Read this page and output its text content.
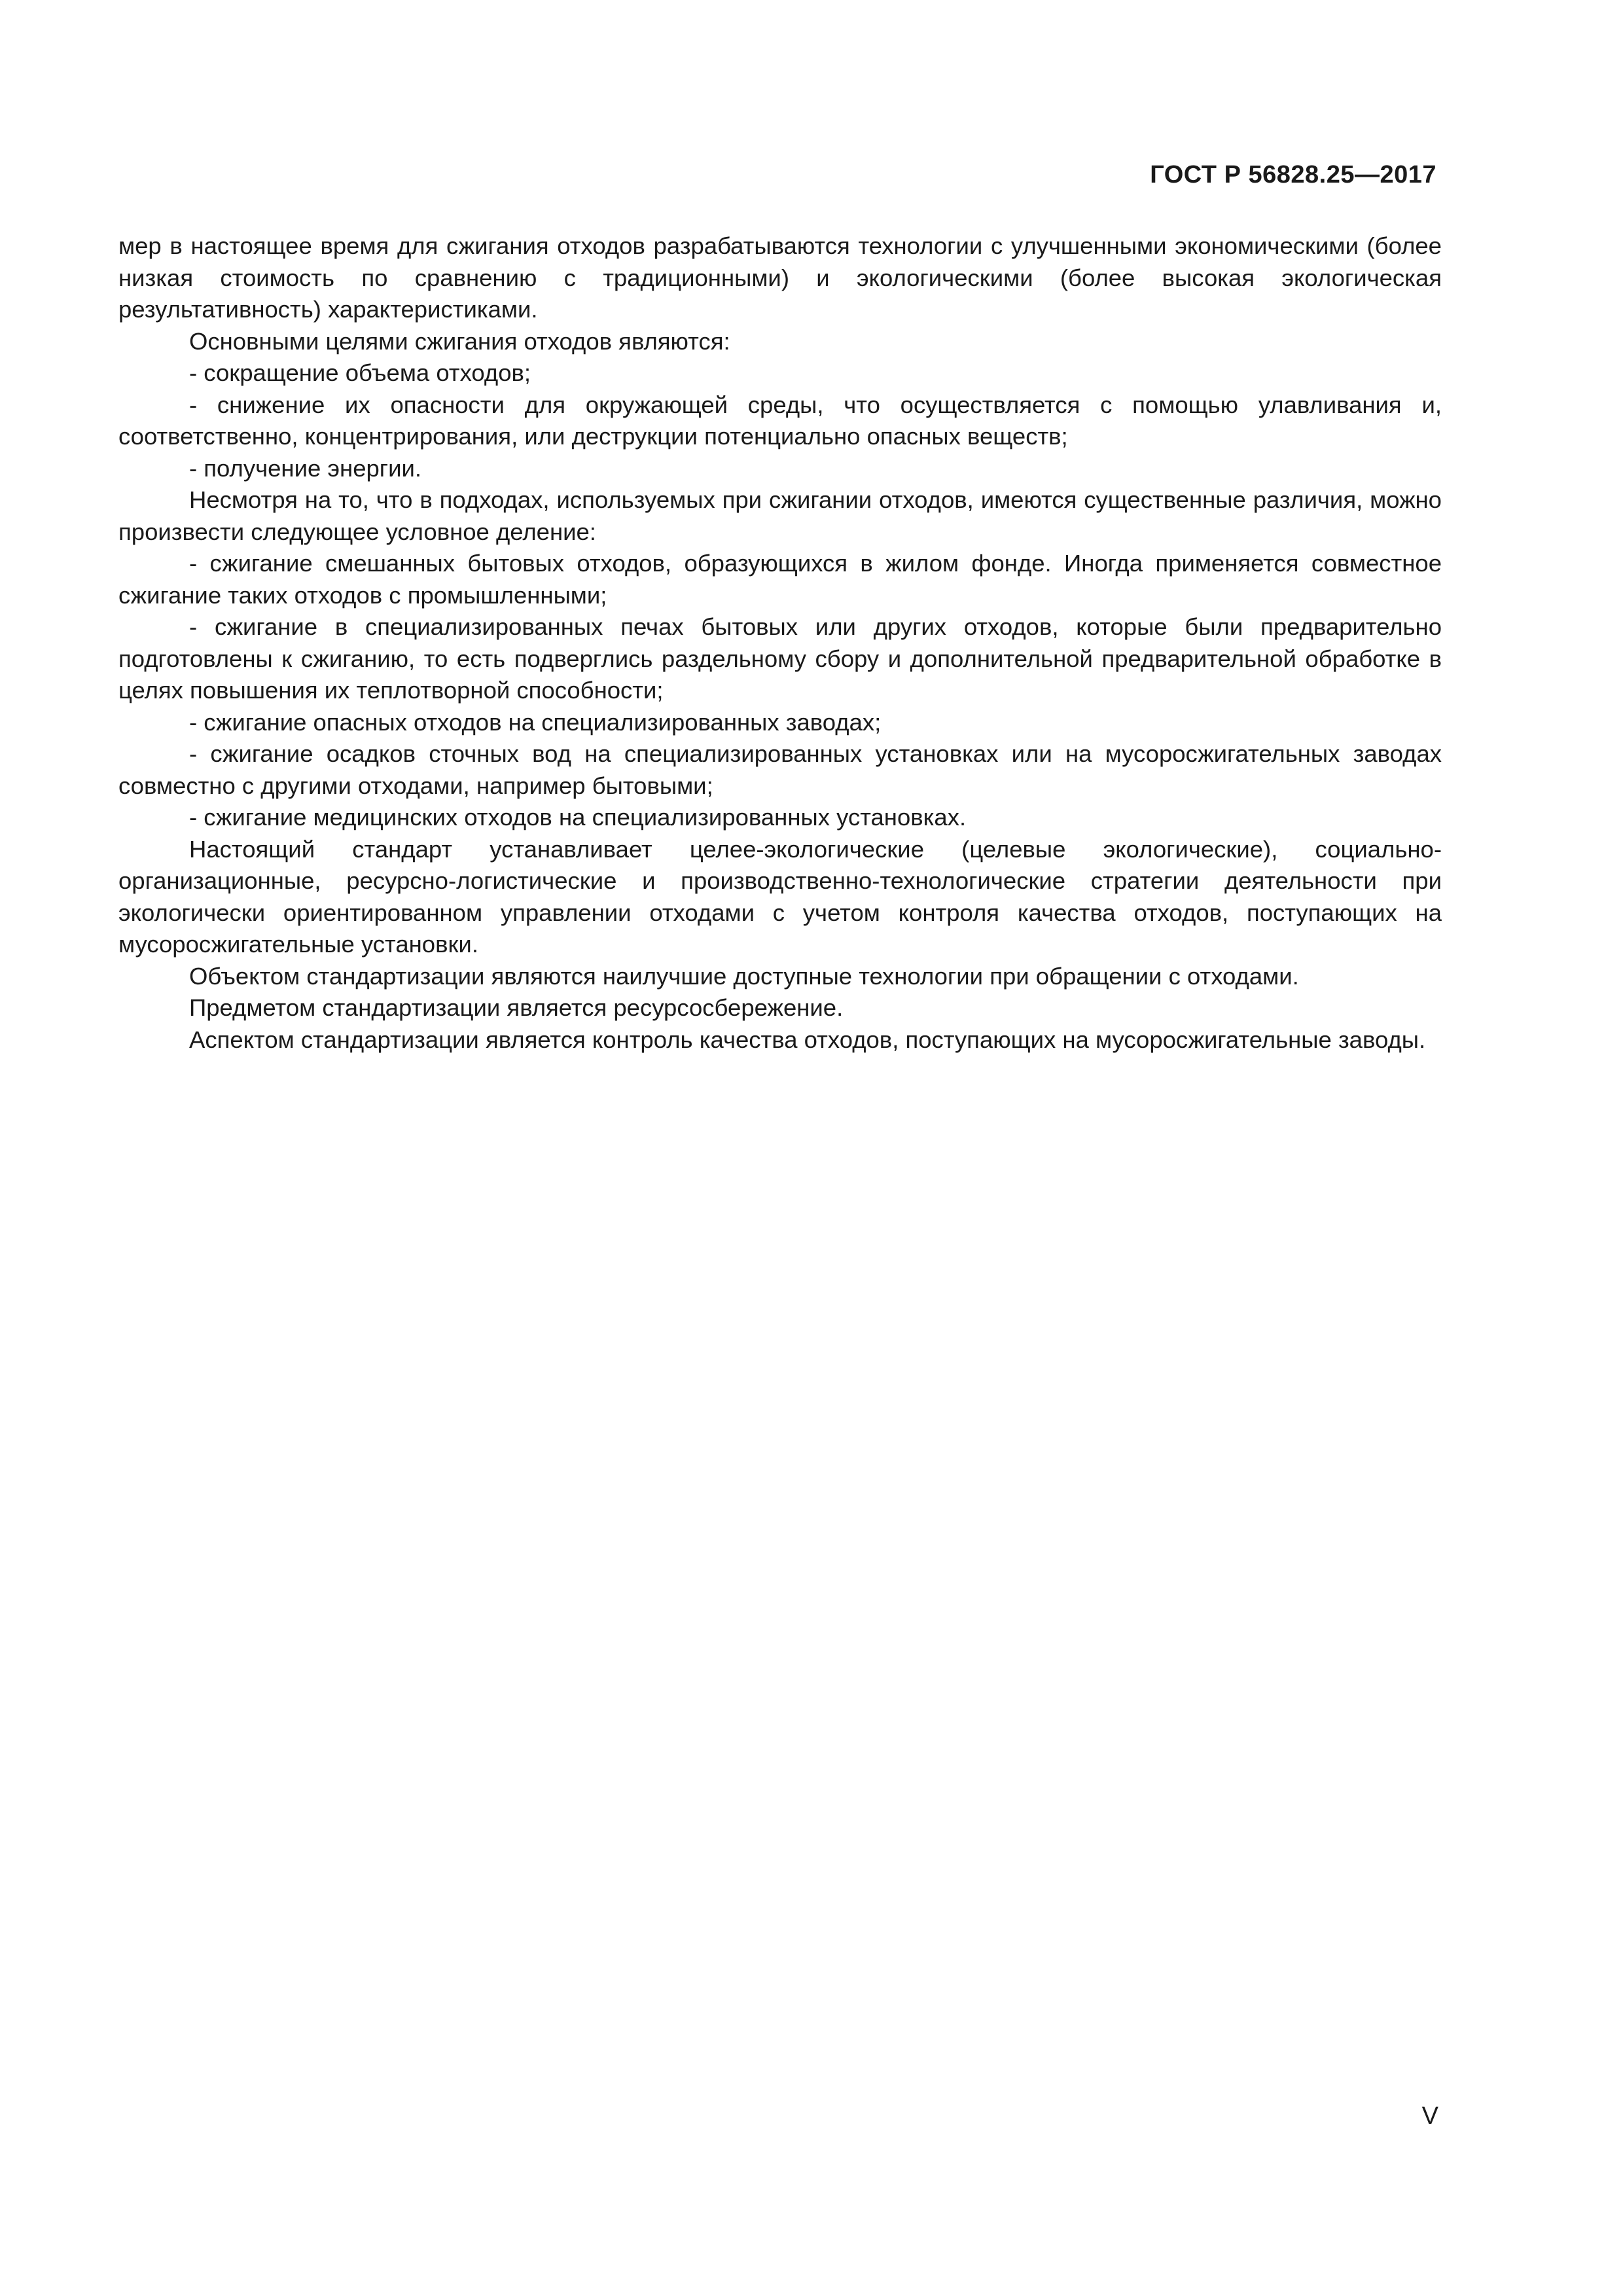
ГОСТ Р 56828.25—2017

мер в настоящее время для сжигания отходов разрабатываются технологии с улучшенными экономическими (более низкая стоимость по сравнению с традиционными) и экологическими (более высокая экологическая результативность) характеристиками.

Основными целями сжигания отходов являются:

- сокращение объема отходов;

- снижение их опасности для окружающей среды, что осуществляется с помощью улавливания и, соответственно, концентрирования, или деструкции потенциально опасных веществ;

- получение энергии.

Несмотря на то, что в подходах, используемых при сжигании отходов, имеются существенные различия, можно произвести следующее условное деление:

- сжигание смешанных бытовых отходов, образующихся в жилом фонде. Иногда применяется совместное сжигание таких отходов с промышленными;

- сжигание в специализированных печах бытовых или других отходов, которые были предварительно подготовлены к сжиганию, то есть подверглись раздельному сбору и дополнительной предварительной обработке в целях повышения их теплотворной способности;

- сжигание опасных отходов на специализированных заводах;

- сжигание осадков сточных вод на специализированных установках или на мусоросжигательных заводах совместно с другими отходами, например бытовыми;

- сжигание медицинских отходов на специализированных установках.

Настоящий стандарт устанавливает целее-экологические (целевые экологические), социально-организационные, ресурсно-логистические и производственно-технологические стратегии деятельности при экологически ориентированном управлении отходами с учетом контроля качества отходов, поступающих на мусоросжигательные установки.

Объектом стандартизации являются наилучшие доступные технологии при обращении с отходами.

Предметом стандартизации является ресурсосбережение.

Аспектом стандартизации является контроль качества отходов, поступающих на мусоросжигательные заводы.

V
